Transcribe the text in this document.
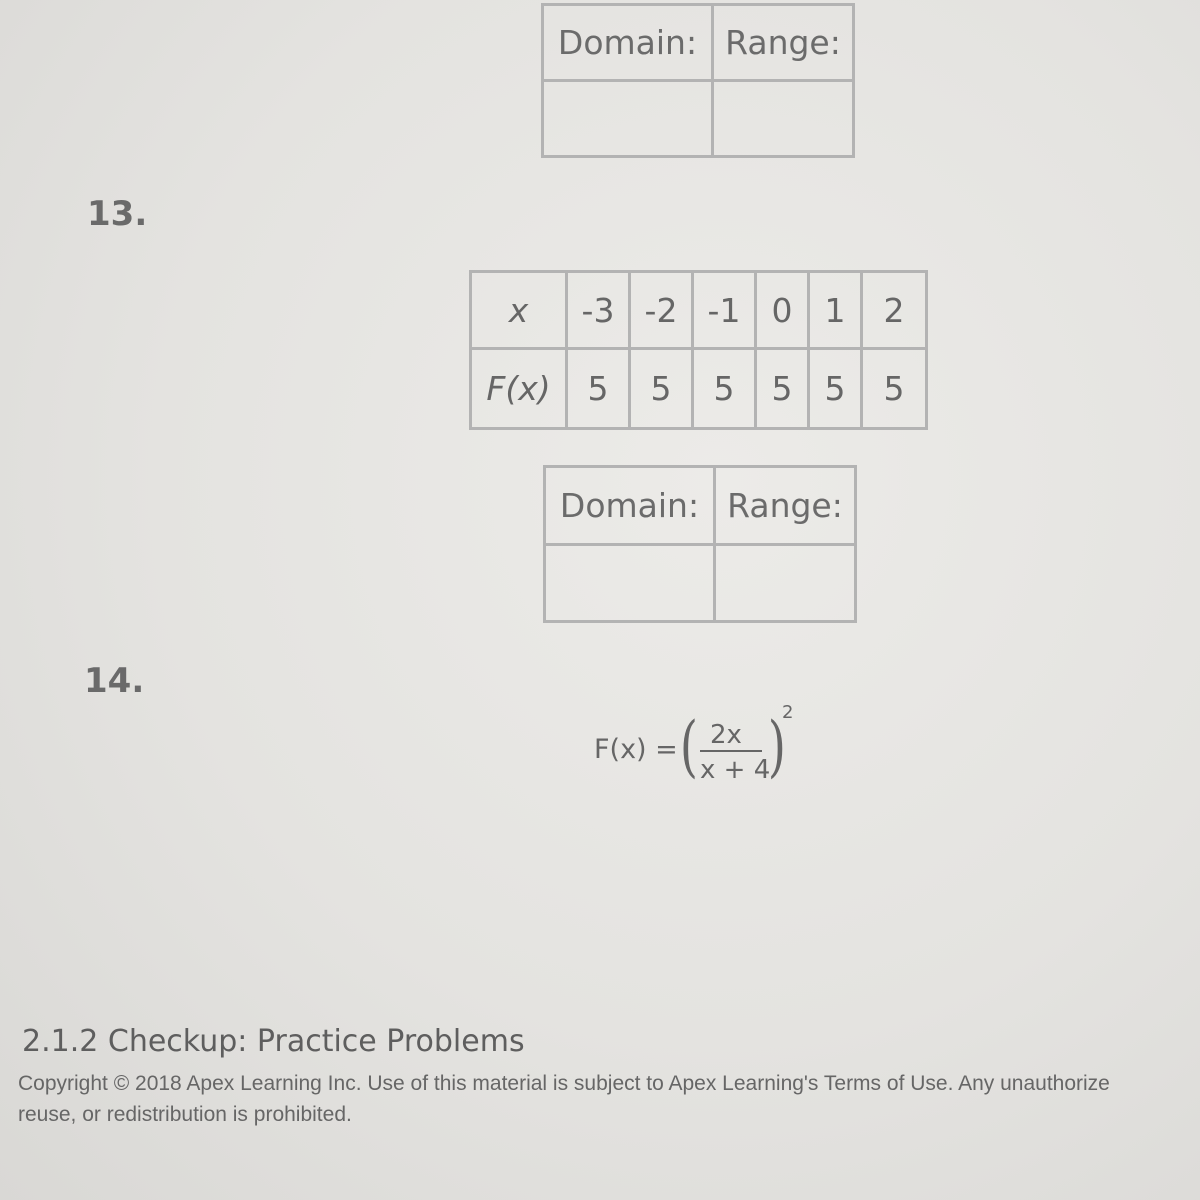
Domain:	Range:

13.
x	-3	-2	-1	0	1	2
F(x)	5	5	5	5	5	5
Domain:	Range:

14.
F(x) = ( 2x
x + 4
)
2
2.1.2 Checkup: Practice Problems
Copyright © 2018 Apex Learning Inc. Use of this material is subject to Apex Learning's Terms of Use. Any unauthorize
reuse, or redistribution is prohibited.
